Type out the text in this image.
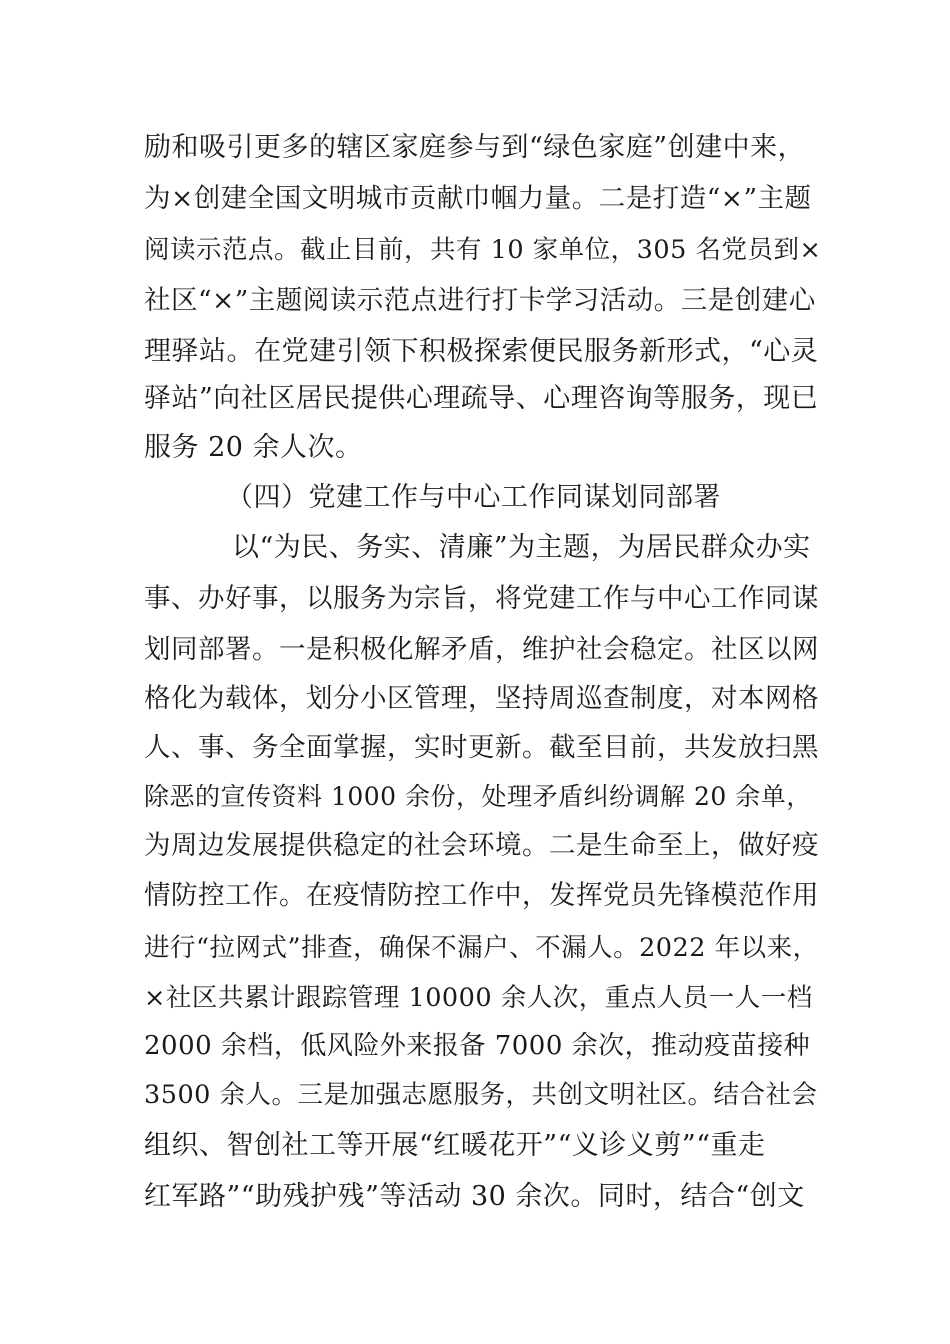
励和吸引更多的辖区家庭参与到“绿色家庭”创建中来，
为×创建全国文明城市贡献巾帼力量。二是打造“×”主题
阅读示范点。截止目前，共有 10 家单位，305 名党员到×
社区“×”主题阅读示范点进行打卡学习活动。三是创建心
理驿站。在党建引领下积极探索便民服务新形式，“心灵
驿站”向社区居民提供心理疏导、心理咨询等服务，现已
服务 20 余人次。
（四）党建工作与中心工作同谋划同部署
以“为民、务实、清廉”为主题，为居民群众办实
事、办好事，以服务为宗旨，将党建工作与中心工作同谋
划同部署。一是积极化解矛盾，维护社会稳定。社区以网
格化为载体，划分小区管理，坚持周巡查制度，对本网格
人、事、务全面掌握，实时更新。截至目前，共发放扫黑
除恶的宣传资料 1000 余份，处理矛盾纠纷调解 20 余单，
为周边发展提供稳定的社会环境。二是生命至上，做好疫
情防控工作。在疫情防控工作中，发挥党员先锋模范作用
进行“拉网式”排查，确保不漏户、不漏人。2022 年以来，
×社区共累计跟踪管理 10000 余人次，重点人员一人一档
2000 余档，低风险外来报备 7000 余次，推动疫苗接种
3500 余人。三是加强志愿服务，共创文明社区。结合社会
组织、智创社工等开展“红暖花开”“义诊义剪”“重走
红军路”“助残护残”等活动 30 余次。同时，结合“创文
